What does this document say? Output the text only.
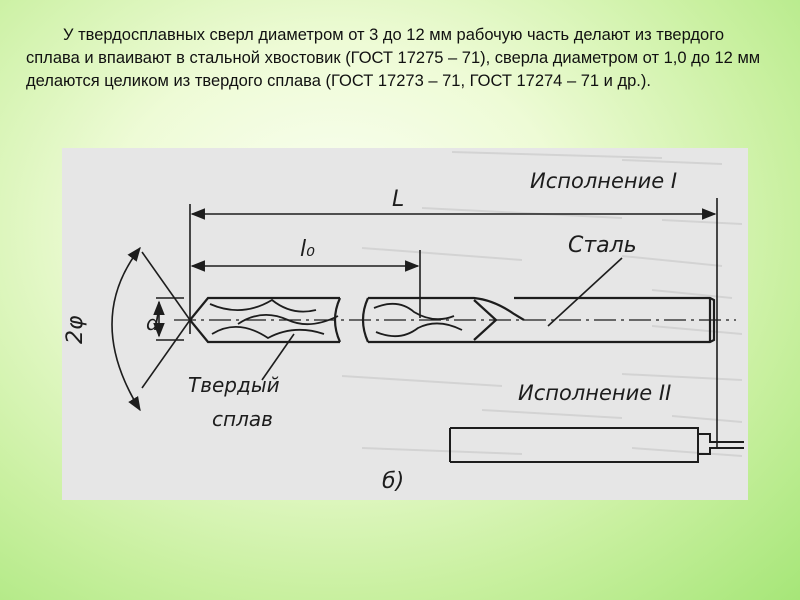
У твердосплавных сверл диаметром от 3 до 12 мм рабочую часть делают из твердого сплава и впаивают в стальной хвостовик (ГОСТ 17275 – 71), сверла диаметром от 1,0 до 12 мм делаются целиком из твердого сплава (ГОСТ 17273 – 71, ГОСТ 17274 – 71 и др.).

Исполнение I
L
l₀	Сталь
d
2φ
Твердый
сплав
Исполнение II
б)
